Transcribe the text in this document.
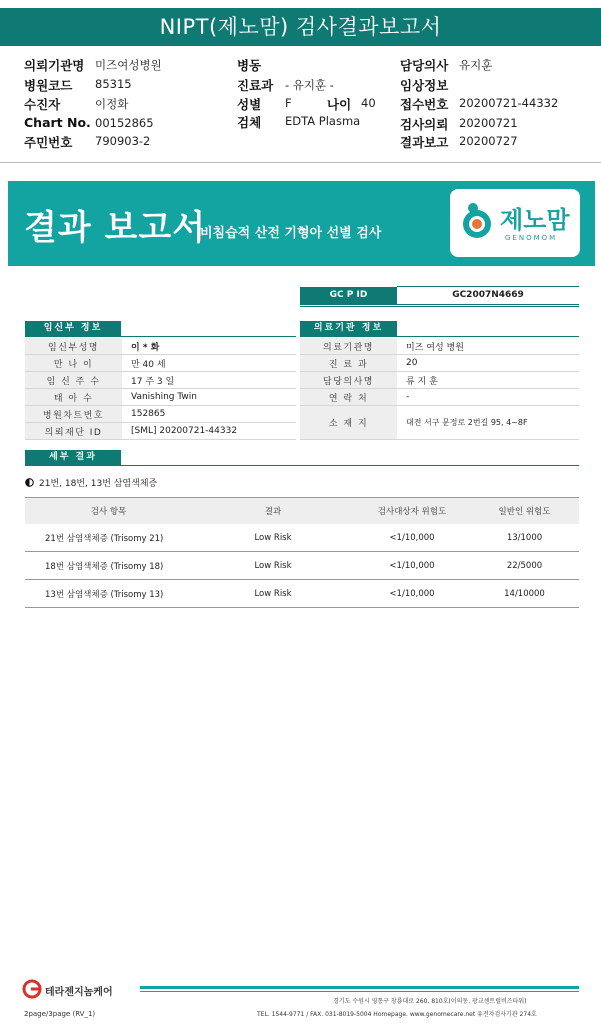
NIPT(제노맘) 검사결과보고서
의뢰기관명 미즈여성병원
병원코드 85315
수진자	이정화
Chart No. 00152865
주민번호 790903-2
병동
진료과 - 유지훈 -
성별 F	나이 40
검체 EDTA Plasma
담당의사 유지훈
임상정보
접수번호 20200721-44332
검사의뢰 20200721
결과보고 20200727
결과 보고서
비침습적 산전 기형아 선별 검사	제노맘
GENOMOM
GC P ID	GC2007N4669
임신부 정보
임신부성명	이 * 화
만 나 이	만 40 세
임 신 주 수	17 주 3 일
태 아 수	Vanishing Twin
병원차트번호	152865
의뢰재단 ID	[SML] 20200721-44332
의료기관 정보
의료기관명	미즈 여성 병원
진 료 과	20
담당의사명	류 지 훈
연 락 처	-
소 재 지	대전 서구 문정로 2번길 95, 4~8F
세부 결과
21번, 18번, 13번 삼염색체증
검사 항목	결과	검사대상자 위험도	일반인 위험도
21번 삼염색체증 (Trisomy 21)	Low Risk	<1/10,000	13/1000
18번 삼염색체증 (Trisomy 18)	Low Risk	<1/10,000	22/5000
13번 삼염색체증 (Trisomy 13)	Low Risk	<1/10,000	14/10000
테라젠지놈케어
경기도 수원시 영통구 창룡대로 260, 810호(이의동, 광교센트럴비즈타워)
TEL. 1544-9771 / FAX. 031-8019-5004 Homepage. www.genomecare.net 유전자검사기관 274호
2page/3page (RV_1)
